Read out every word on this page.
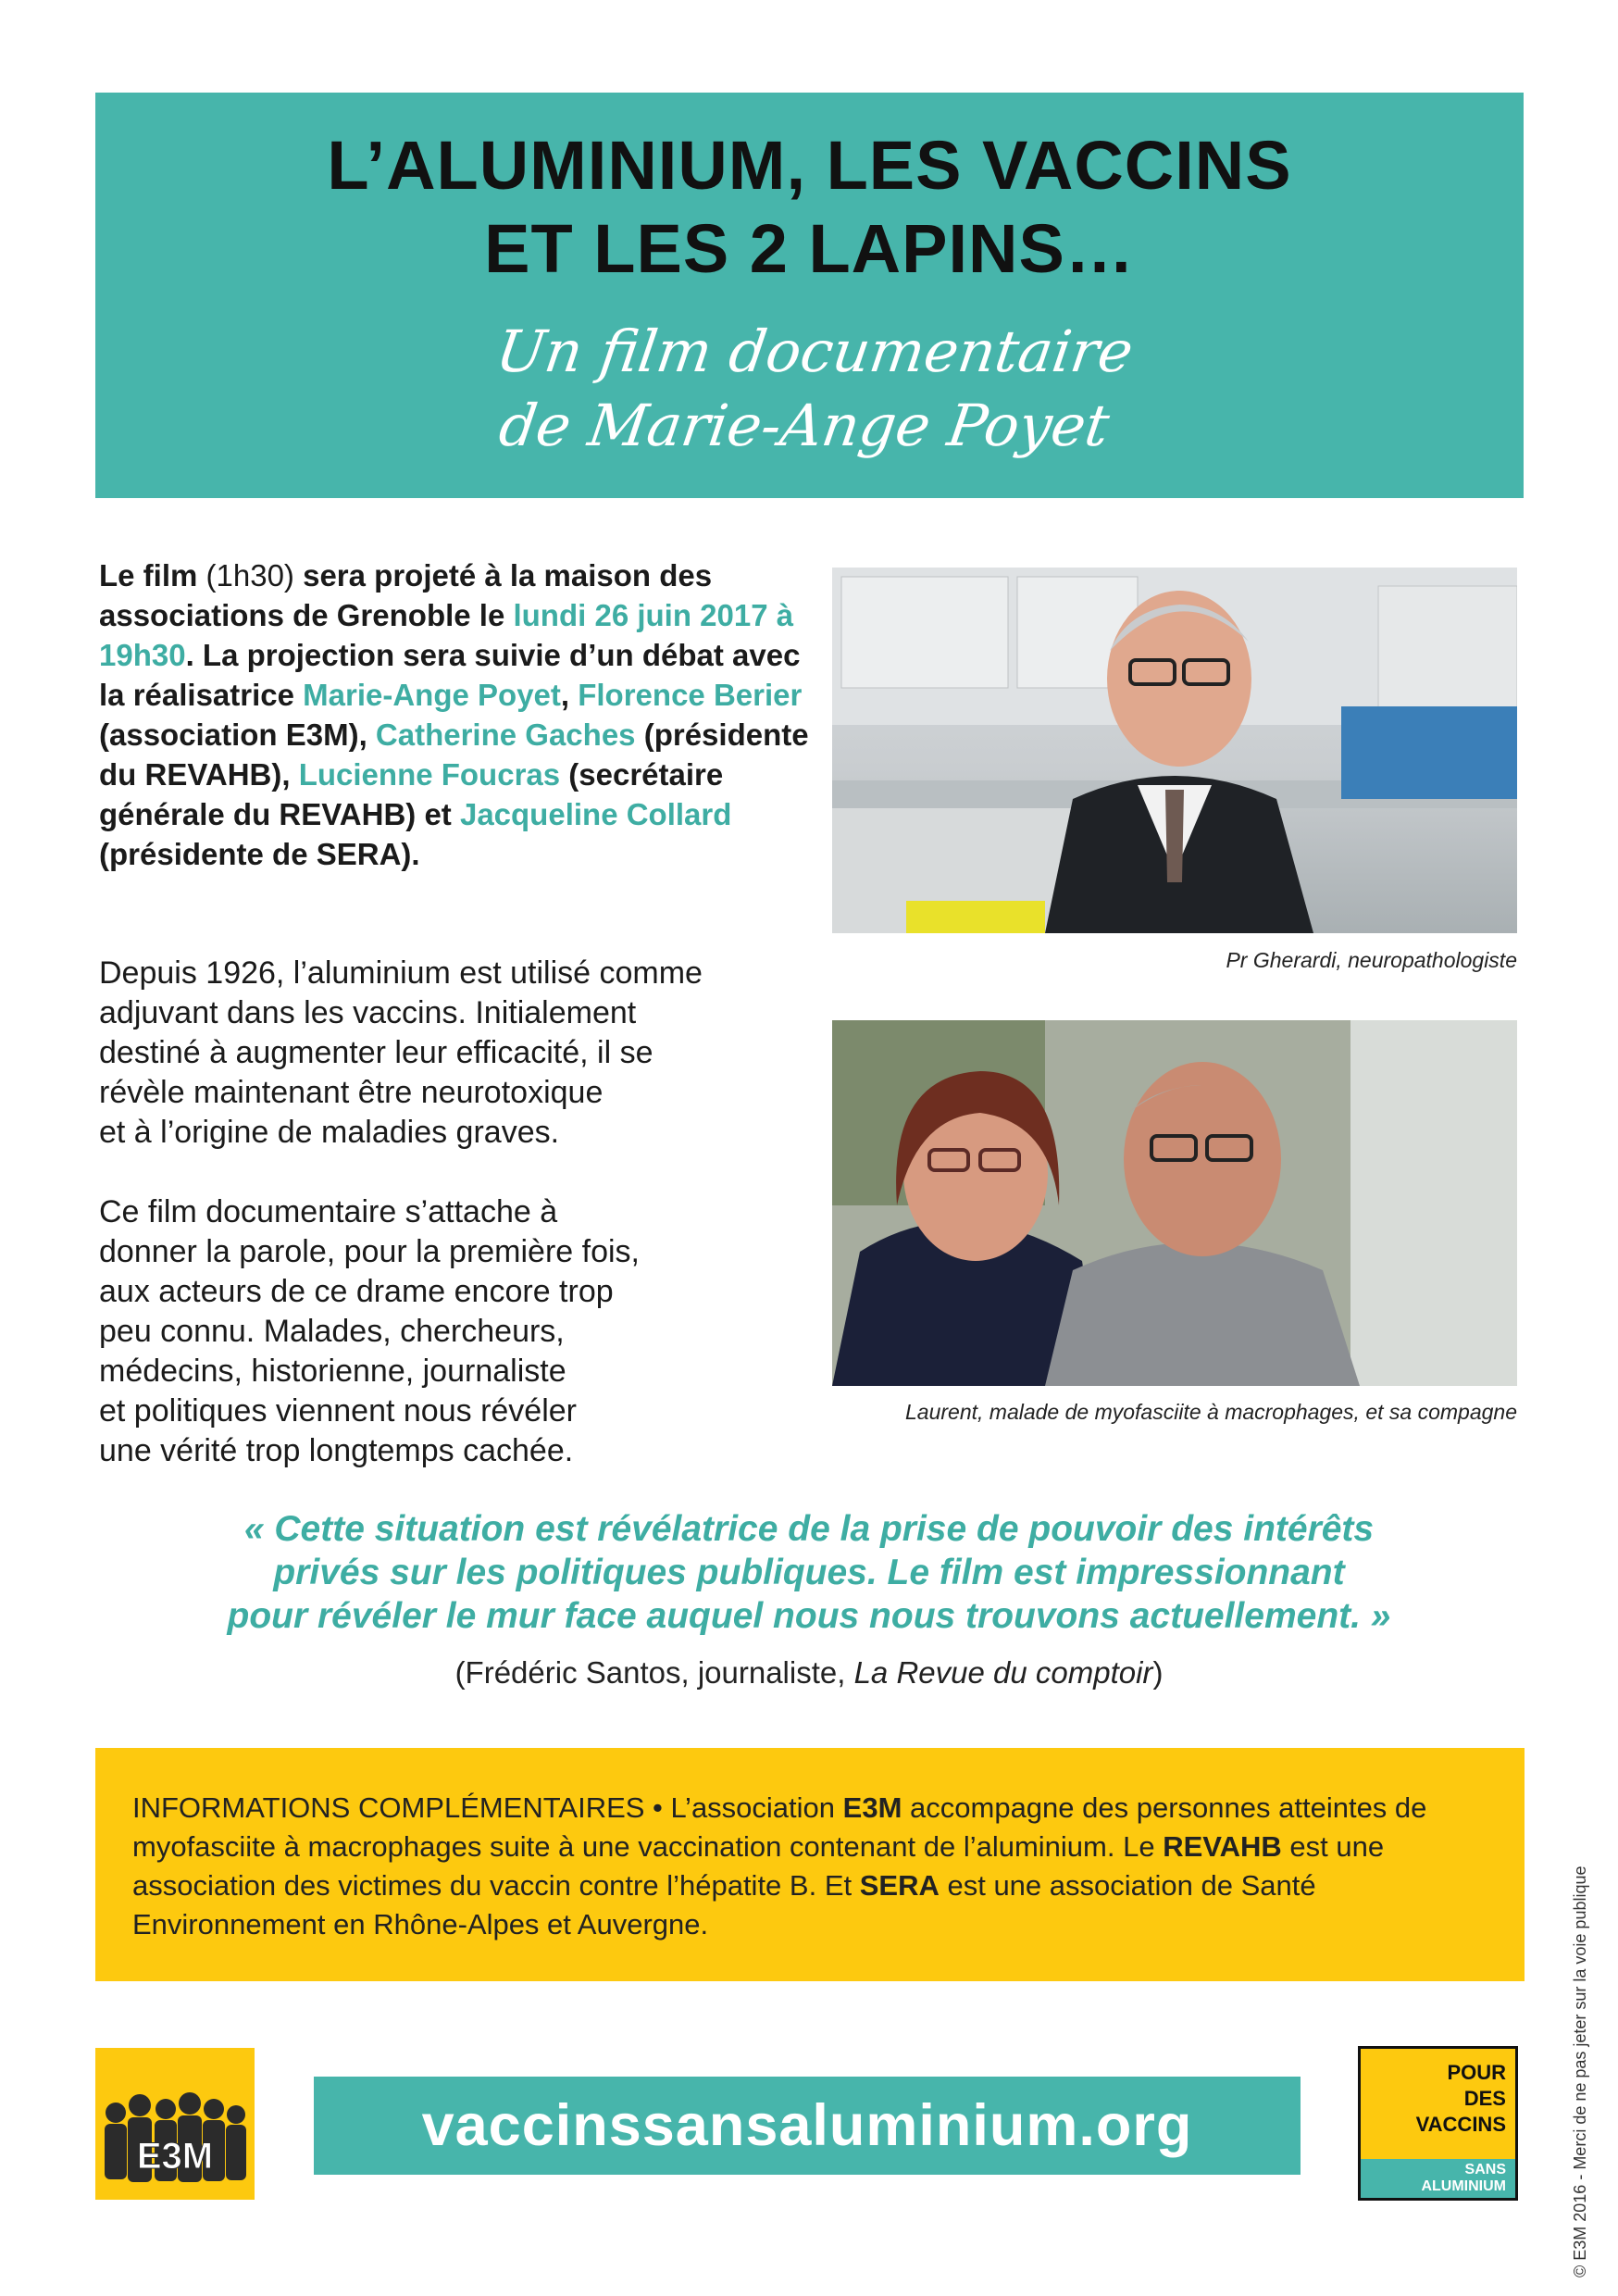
L’ALUMINIUM, LES VACCINS
ET LES 2 LAPINS…
Un film documentaire
de Marie-Ange Poyet

Le film (1h30) sera projeté à la maison des associations de Grenoble le lundi 26 juin 2017 à 19h30. La projection sera suivie d’un débat avec la réalisatrice Marie-Ange Poyet, Florence Berier (association E3M), Catherine Gaches (présidente du REVAHB), Lucienne Foucras (secrétaire générale du REVAHB) et Jacqueline Collard (présidente de SERA).

Depuis 1926, l’aluminium est utilisé comme
adjuvant dans les vaccins. Initialement
destiné à augmenter leur efficacité, il se
révèle maintenant être neurotoxique
et à l’origine de maladies graves.

Ce film documentaire s’attache à
donner la parole, pour la première fois,
aux acteurs de ce drame encore trop
peu connu. Malades, chercheurs,
médecins, historienne, journaliste
et politiques viennent nous révéler
une vérité trop longtemps cachée.

Pr Gherardi, neuropathologiste

Laurent, malade de myofasciite à macrophages, et sa compagne

« Cette situation est révélatrice de la prise de pouvoir des intérêts
privés sur les politiques publiques. Le film est impressionnant
pour révéler le mur face auquel nous nous trouvons actuellement. »

(Frédéric Santos, journaliste, La Revue du comptoir)

INFORMATIONS COMPLÉMENTAIRES • L’association E3M accompagne des personnes atteintes de myofasciite à macrophages suite à une vaccination contenant de l’aluminium. Le REVAHB est une association des victimes du vaccin contre l’hépatite B. Et SERA est une association de Santé Environnement en Rhône-Alpes et Auvergne.
E3M	vaccinssansaluminium.org
POUR
DES
VACCINS
SANS
ALUMINIUM	© E3M 2016 - Merci de ne pas jeter sur la voie publique
